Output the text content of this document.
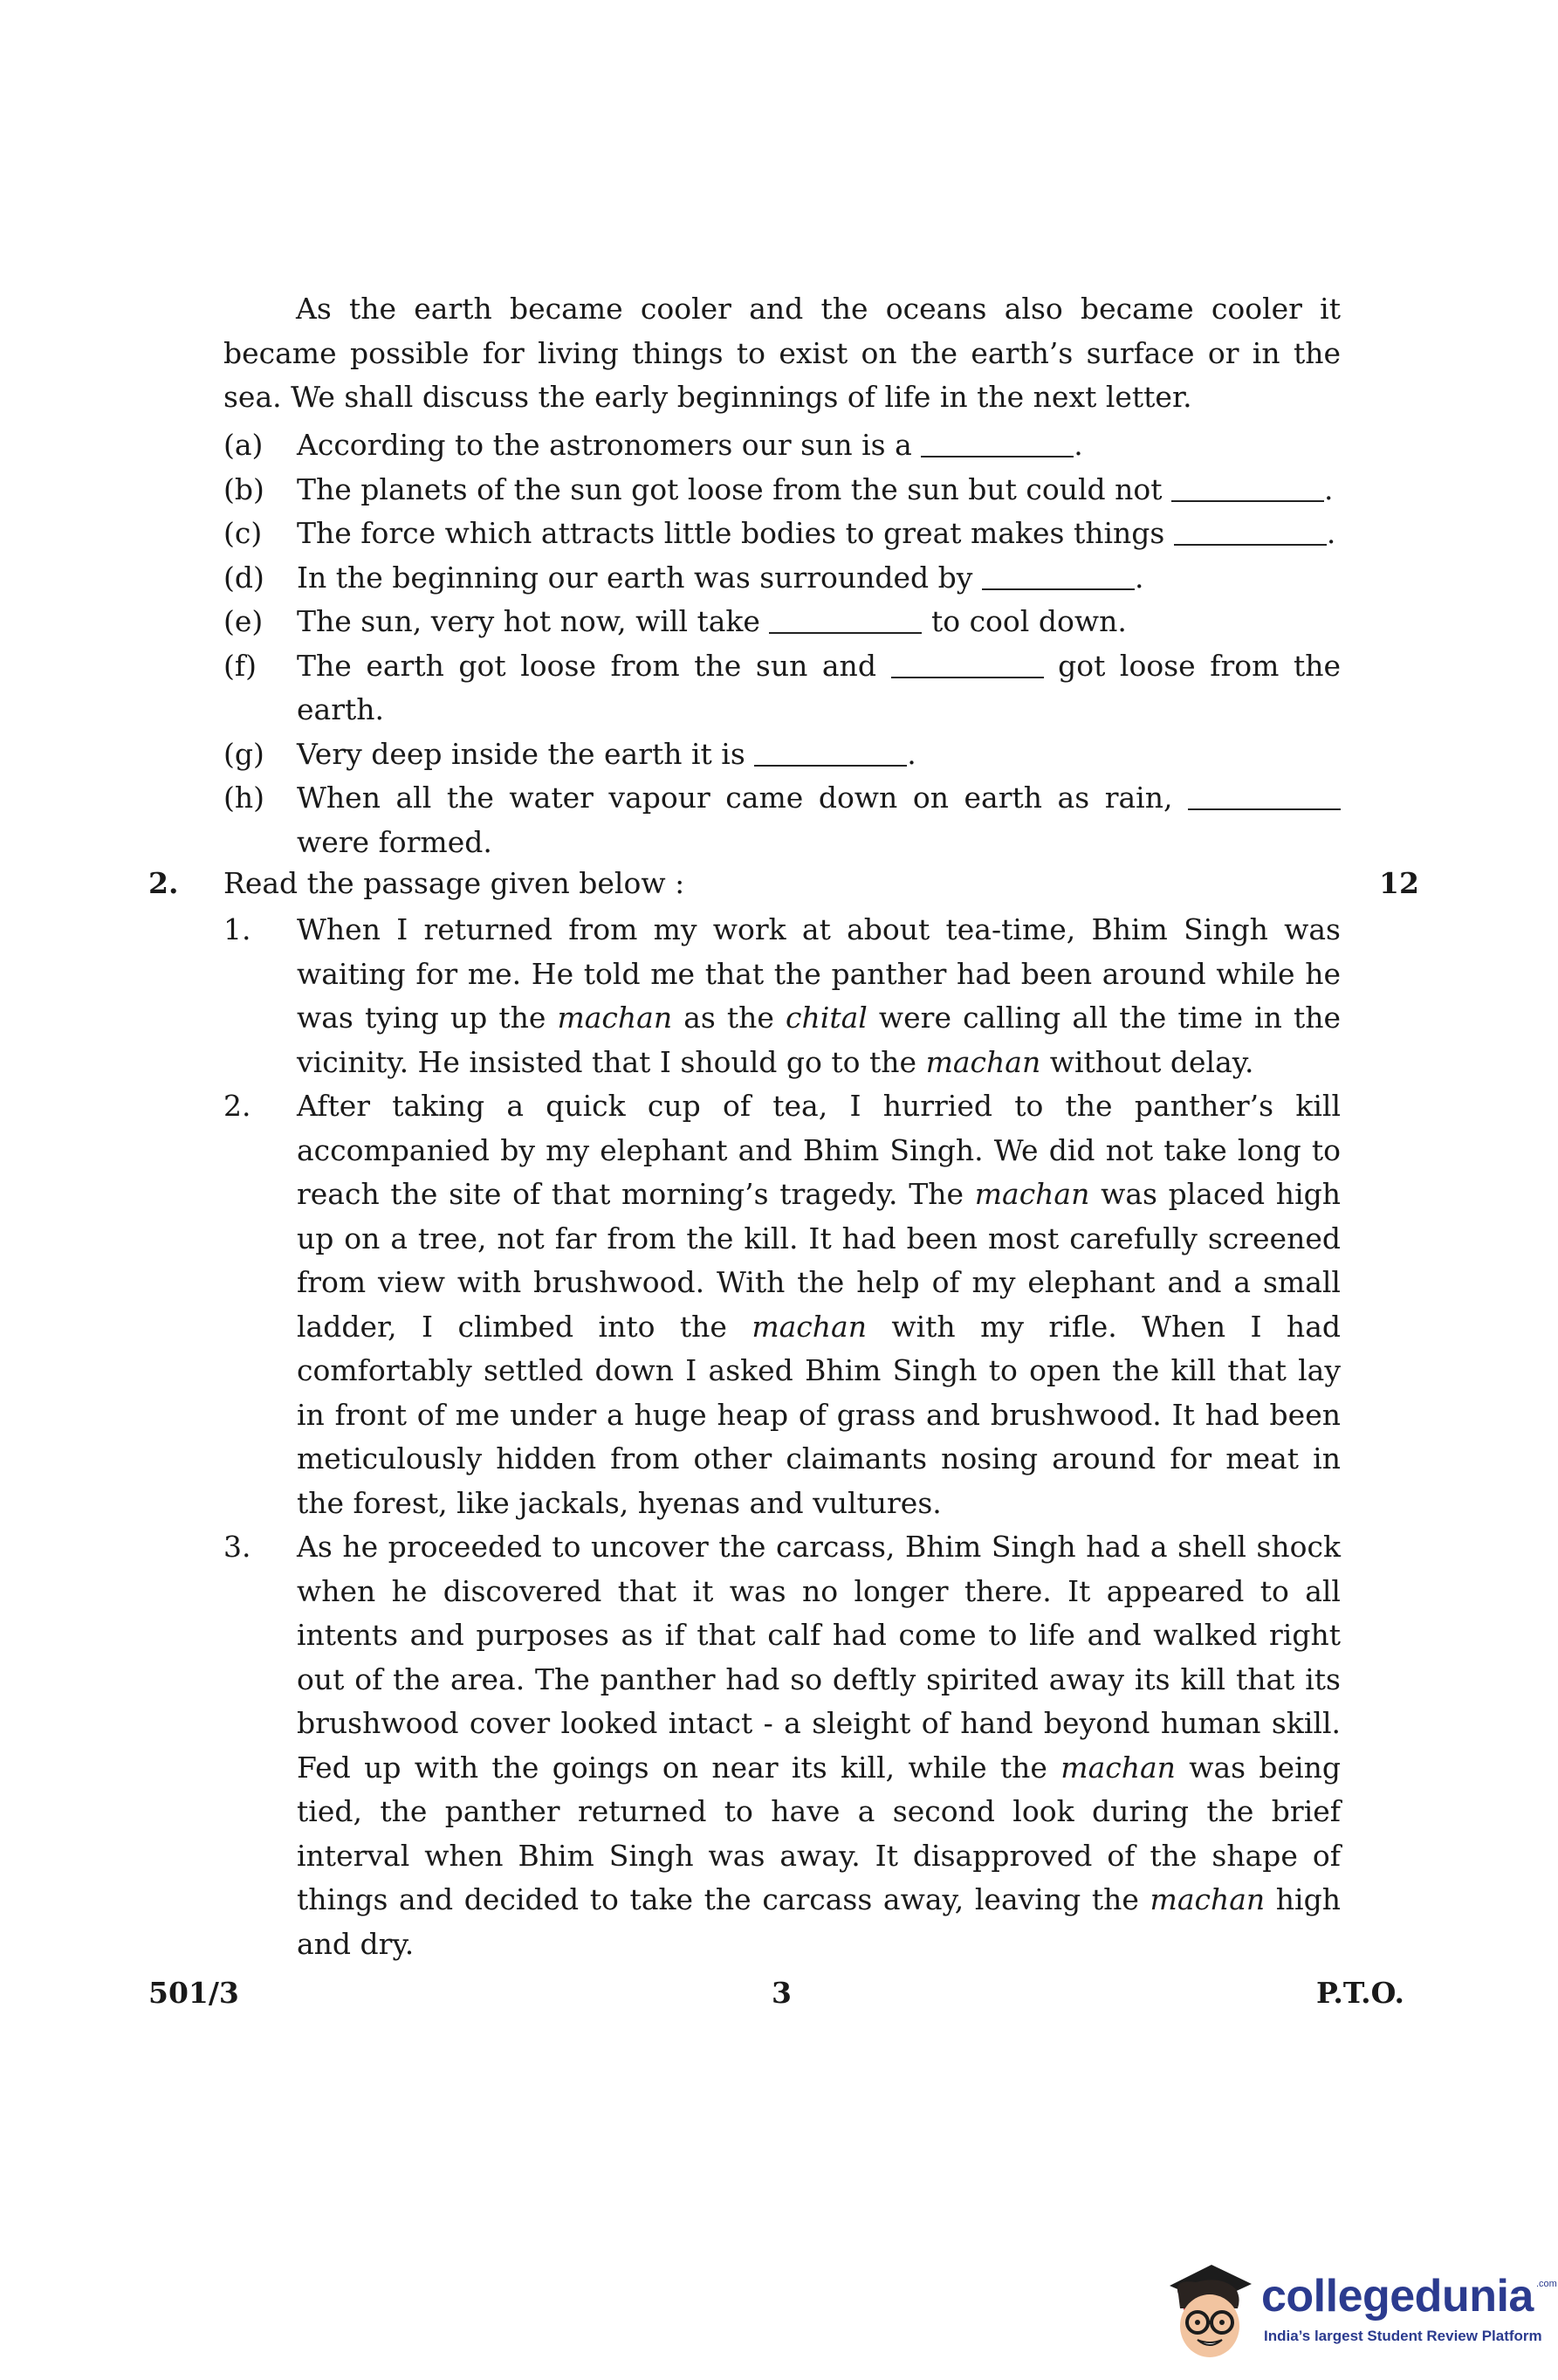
As the earth became cooler and the oceans also became cooler it became possible for living things to exist on the earth’s surface or in the sea. We shall discuss the early beginnings of life in the next letter.

(a) According to the astronomers our sun is a	.
(b) The planets of the sun got loose from the sun but could not	.
(c) The force which attracts little bodies to great makes things	.
(d) In the beginning our earth was surrounded by	.
(e) The sun, very hot now, will take	to cool down.
(f) The earth got loose from the sun and	got loose from the earth.
(g) Very deep inside the earth it is	.
(h) When all the water vapour came down on earth as rain,  were formed.
2. Read the passage given below :	12
1. When I returned from my work at about tea-time, Bhim Singh was waiting for me. He told me that the panther had been around while he was tying up the machan as the chital were calling all the time in the vicinity. He insisted that I should go to the machan without delay.
2. After taking a quick cup of tea, I hurried to the panther’s kill accompanied by my elephant and Bhim Singh. We did not take long to reach the site of that morning’s tragedy. The machan was placed high up on a tree, not far from the kill. It had been most carefully screened from view with brushwood. With the help of my elephant and a small ladder, I climbed into the machan with my rifle. When I had comfortably settled down I asked Bhim Singh to open the kill that lay in front of me under a huge heap of grass and brushwood. It had been meticulously hidden from other claimants nosing around for meat in the forest, like jackals, hyenas and vultures.
3. As he proceeded to uncover the carcass, Bhim Singh had a shell shock when he discovered that it was no longer there. It appeared to all intents and purposes as if that calf had come to life and walked right out of the area. The panther had so deftly spirited away its kill that its brushwood cover looked intact - a sleight of hand beyond human skill. Fed up with the goings on near its kill, while the machan was being tied, the panther returned to have a second look during the brief interval when Bhim Singh was away. It disapproved of the shape of things and decided to take the carcass away, leaving the machan high and dry.
501/3	3	P.T.O.
collegedunia .com
India’s largest Student Review Platform
